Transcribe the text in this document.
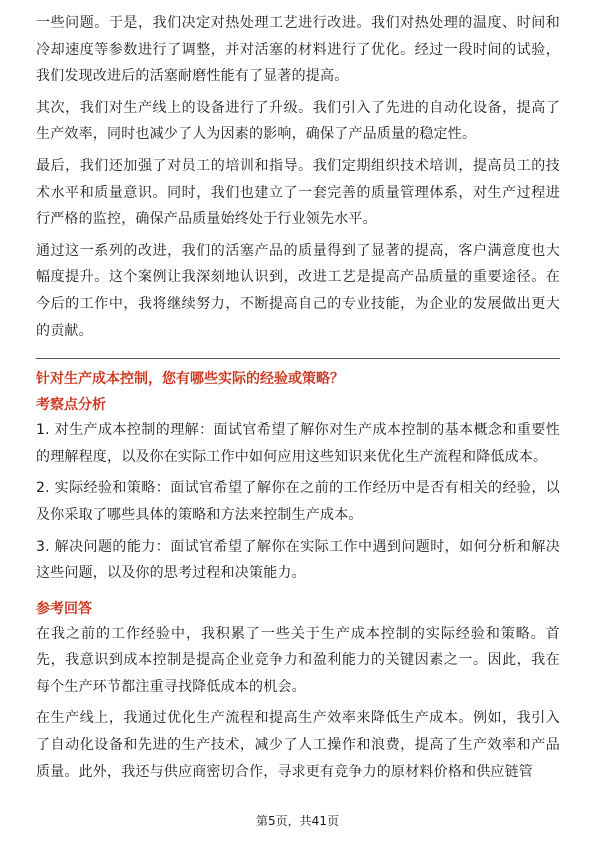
一些问题。于是，我们决定对热处理工艺进行改进。我们对热处理的温度、时间和冷却速度等参数进行了调整，并对活塞的材料进行了优化。经过一段时间的试验，我们发现改进后的活塞耐磨性能有了显著的提高。

其次，我们对生产线上的设备进行了升级。我们引入了先进的自动化设备，提高了生产效率，同时也减少了人为因素的影响，确保了产品质量的稳定性。

最后，我们还加强了对员工的培训和指导。我们定期组织技术培训，提高员工的技术水平和质量意识。同时，我们也建立了一套完善的质量管理体系，对生产过程进行严格的监控，确保产品质量始终处于行业领先水平。

通过这一系列的改进，我们的活塞产品的质量得到了显著的提高，客户满意度也大幅度提升。这个案例让我深刻地认识到，改进工艺是提高产品质量的重要途径。在今后的工作中，我将继续努力，不断提高自己的专业技能，为企业的发展做出更大的贡献。

针对生产成本控制，您有哪些实际的经验或策略？
考察点分析
1. 对生产成本控制的理解：面试官希望了解你对生产成本控制的基本概念和重要性的理解程度，以及你在实际工作中如何应用这些知识来优化生产流程和降低成本。
2. 实际经验和策略：面试官希望了解你在之前的工作经历中是否有相关的经验，以及你采取了哪些具体的策略和方法来控制生产成本。
3. 解决问题的能力：面试官希望了解你在实际工作中遇到问题时，如何分析和解决这些问题，以及你的思考过程和决策能力。
参考回答

在我之前的工作经验中，我积累了一些关于生产成本控制的实际经验和策略。首先，我意识到成本控制是提高企业竞争力和盈利能力的关键因素之一。因此，我在每个生产环节都注重寻找降低成本的机会。

在生产线上，我通过优化生产流程和提高生产效率来降低生产成本。例如，我引入了自动化设备和先进的生产技术，减少了人工操作和浪费，提高了生产效率和产品质量。此外，我还与供应商密切合作，寻求更有竞争力的原材料价格和供应链管

第5页，共41页
